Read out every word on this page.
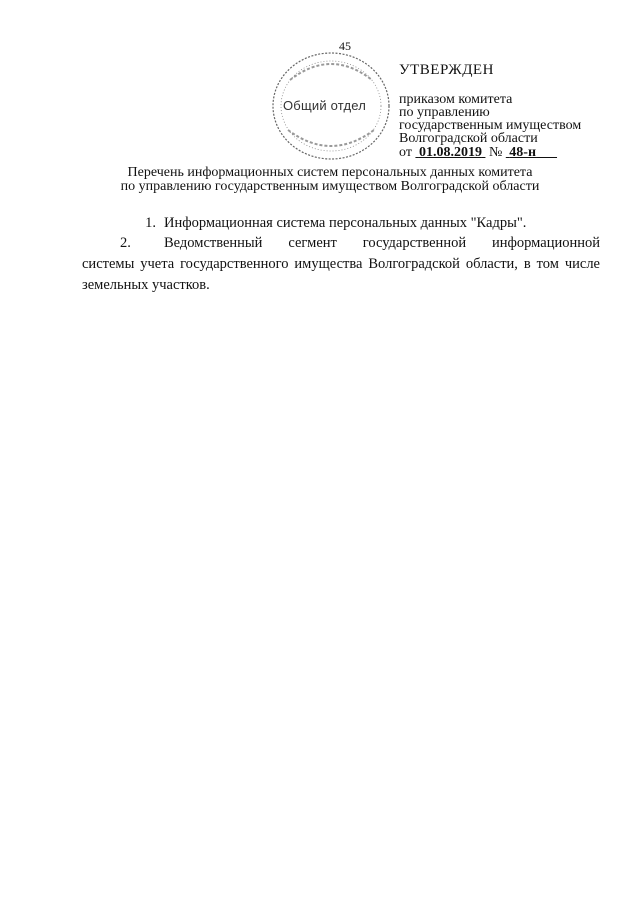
45
Общий отдел
УТВЕРЖДЕН
приказом комитета
по управлению
государственным имуществом
Волгоградской области
от 01.08.2019 № 48-н
Перечень информационных систем персональных данных комитета
по управлению государственным имуществом Волгоградской области
1. Информационная система персональных данных "Кадры".
2. Ведомственный сегмент государственной информационной
системы учета государственного имущества Волгоградской области, в том числе земельных участков.
